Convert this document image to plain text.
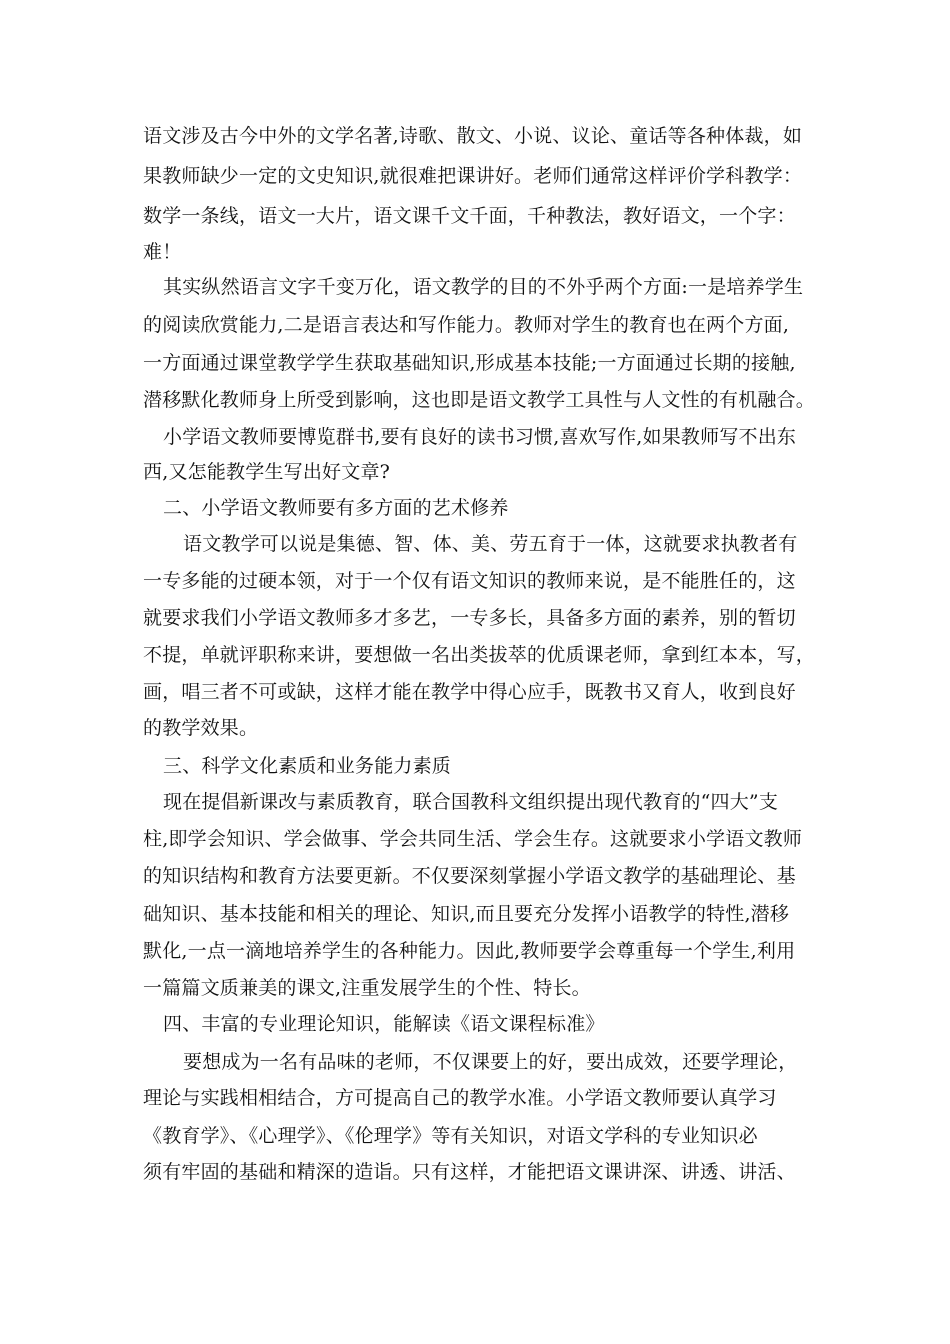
语文涉及古今中外的文学名著,诗歌、散文、小说、议论、童话等各种体裁，如
果教师缺少一定的文史知识,就很难把课讲好。老师们通常这样评价学科教学：
数学一条线，语文一大片，语文课千文千面，千种教法，教好语文，一个字：
难！
其实纵然语言文字千变万化，语文教学的目的不外乎两个方面:一是培养学生
的阅读欣赏能力,二是语言表达和写作能力。教师对学生的教育也在两个方面,
一方面通过课堂教学学生获取基础知识,形成基本技能;一方面通过长期的接触,
潜移默化教师身上所受到影响，这也即是语文教学工具性与人文性的有机融合。
小学语文教师要博览群书,要有良好的读书习惯,喜欢写作,如果教师写不出东
西,又怎能教学生写出好文章?
二、小学语文教师要有多方面的艺术修养
语文教学可以说是集德、智、体、美、劳五育于一体，这就要求执教者有
一专多能的过硬本领，对于一个仅有语文知识的教师来说，是不能胜任的，这
就要求我们小学语文教师多才多艺，一专多长，具备多方面的素养，别的暂切
不提，单就评职称来讲，要想做一名出类拔萃的优质课老师，拿到红本本，写，
画，唱三者不可或缺，这样才能在教学中得心应手，既教书又育人，收到良好
的教学效果。
三、科学文化素质和业务能力素质
现在提倡新课改与素质教育，联合国教科文组织提出现代教育的“四大”支
柱,即学会知识、学会做事、学会共同生活、学会生存。这就要求小学语文教师
的知识结构和教育方法要更新。不仅要深刻掌握小学语文教学的基础理论、基
础知识、基本技能和相关的理论、知识,而且要充分发挥小语教学的特性,潜移
默化,一点一滴地培养学生的各种能力。因此,教师要学会尊重每一个学生,利用
一篇篇文质兼美的课文,注重发展学生的个性、特长。
四、丰富的专业理论知识，能解读《语文课程标准》
要想成为一名有品味的老师，不仅课要上的好，要出成效，还要学理论，
理论与实践相相结合，方可提高自己的教学水准。小学语文教师要认真学习
《教育学》、《心理学》、《伦理学》等有关知识，对语文学科的专业知识必
须有牢固的基础和精深的造诣。只有这样，才能把语文课讲深、讲透、讲活、
